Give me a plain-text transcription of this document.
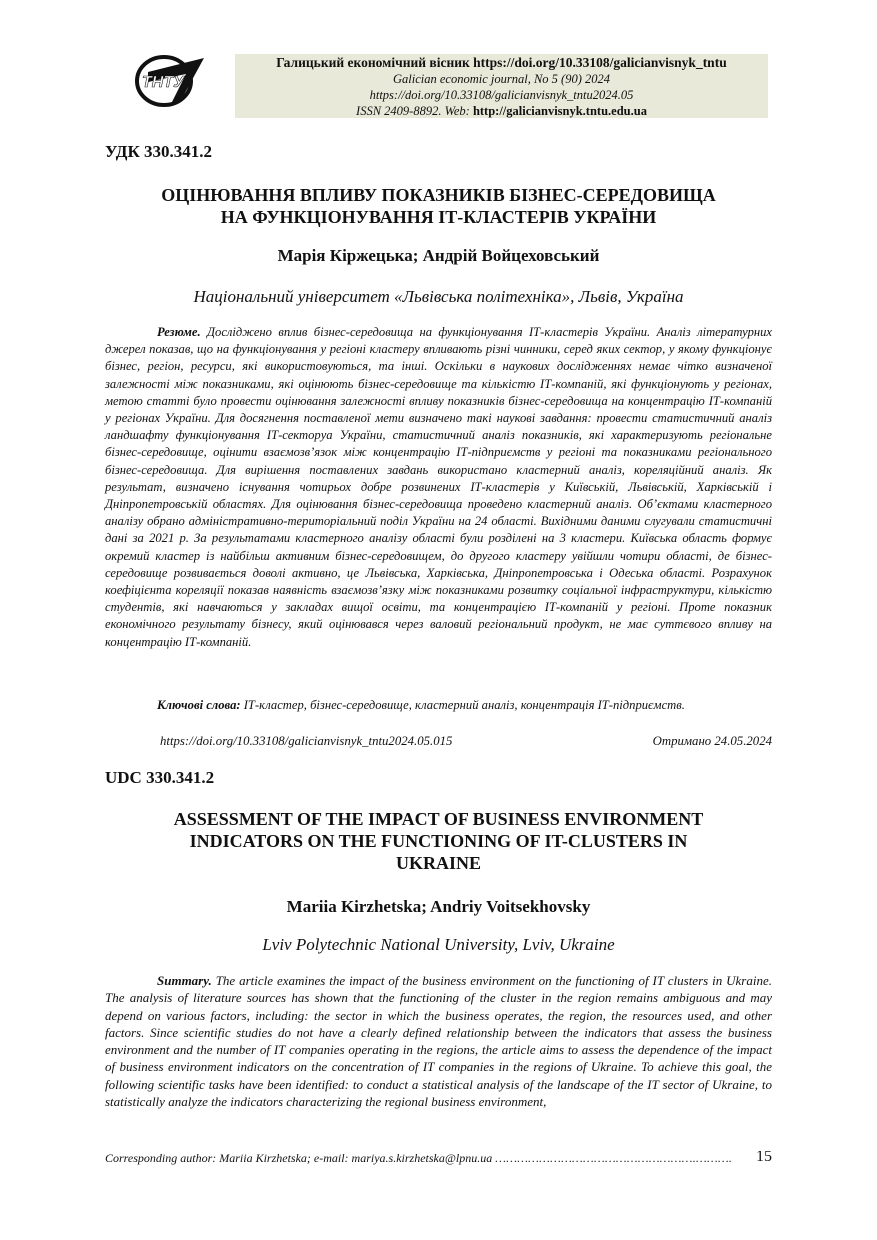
ТНТУ
Галицький економічний вісник https://doi.org/10.33108/galicianvisnyk_tntu
Galician economic journal, No 5 (90) 2024
https://doi.org/10.33108/galicianvisnyk_tntu2024.05
ISSN 2409-8892. Web: http://galicianvisnyk.tntu.edu.ua
УДК 330.341.2
ОЦІНЮВАННЯ ВПЛИВУ ПОКАЗНИКІВ БІЗНЕС-СЕРЕДОВИЩА
НА ФУНКЦІОНУВАННЯ ІТ-КЛАСТЕРІВ УКРАЇНИ
Марія Кiржецька; Андрій Войцеховський
Національний університет «Львівська політехніка», Львів, Україна

Резюме. Досліджено вплив бізнес-середовища на функціонування ІТ-кластерів України. Аналіз літературних джерел показав, що на функціонування у регіоні кластеру впливають різні чинники, серед яких сектор, у якому функціонує бізнес, регіон, ресурси, які використовуються, та інші. Оскільки в наукових дослідженнях немає чітко визначеної залежності між показниками, які оцінюють бізнес-середовище та кількістю ІТ-компаній, які функціонують у регіонах, метою статті було провести оцінювання залежності впливу показників бізнес-середовища на концентрацію ІТ-компаній у регіонах України. Для досягнення поставленої мети визначено такі наукові завдання: провести статистичний аналіз ландшафту функціонування ІТ-сектоpуа України, статистичний аналіз показників, які характеризують регіональне бізнес-середовище, оцінити взаємозв’язок між концентрацію ІТ-підприємств у регіоні та показниками регіонального бізнес-середовища. Для вирішення поставлених завдань використано кластерний аналіз, кореляційний аналіз. Як результат, визначено існування чотирьох добре розвинених ІТ-кластерів у Київській, Львівській, Харківській і Дніпропетровській областях. Для оцінювання бізнес-середовища проведено кластерний аналіз. Об’єктами кластерного аналізу обрано адміністративно-територіальний поділ України на 24 області. Вихідними даними слугували статистичні дані за 2021 р. За результатами кластерного аналізу області були розділені на 3 кластери. Київська область формує окремий кластер із найбільш активним бізнес-середовищем, до другого кластеру увійшли чотири області, де бізнес-середовище розвивається доволі активно, це Львівська, Харківська, Дніпропетровська і Одеська області. Розрахунок коефіцієнта кореляції показав наявність взаємозв’язку між показниками розвитку соціальної інфраструктури, кількістю студентів, які навчаються у закладах вищої освіти, та концентрацією ІТ-компаній у регіоні. Проте показник економічного результату бізнесу, який оцінювався через валовий регіональний продукт, не має суттєвого впливу на концентрацію ІТ-компаній.

Ключові слова: ІТ-кластер, бізнес-середовище, кластерний аналіз, концентрація ІТ-підприємств.
https://doi.org/10.33108/galicianvisnyk_tntu2024.05.015	Отримано 24.05.2024
UDC 330.341.2
ASSESSMENT OF THE IMPACT OF BUSINESS ENVIRONMENT
INDICATORS ON THE FUNCTIONING OF IT-CLUSTERS IN
UKRAINE
Mariia Kirzhetska; Andriy Voitsekhovsky
Lviv Polytechnic National University, Lviv, Ukraine

Summary. The article examines the impact of the business environment on the functioning of IT clusters in Ukraine. The analysis of literature sources has shown that the functioning of the cluster in the region remains ambiguous and may depend on various factors, including: the sector in which the business operates, the region, the resources used, and other factors. Since scientific studies do not have a clearly defined relationship between the indicators that assess the business environment and the number of IT companies operating in the regions, the article aims to assess the dependence of the impact of business environment indicators on the concentration of IT companies in the regions of Ukraine. To achieve this goal, the following scientific tasks have been identified: to conduct a statistical analysis of the landscape of the IT sector of Ukraine, to statistically analyze the indicators characterizing the regional business environment,

Corresponding author: Mariia Kirzhetska; e-mail: mariya.s.kirzhetska@lpnu.ua ……………………………………………….………. 15
